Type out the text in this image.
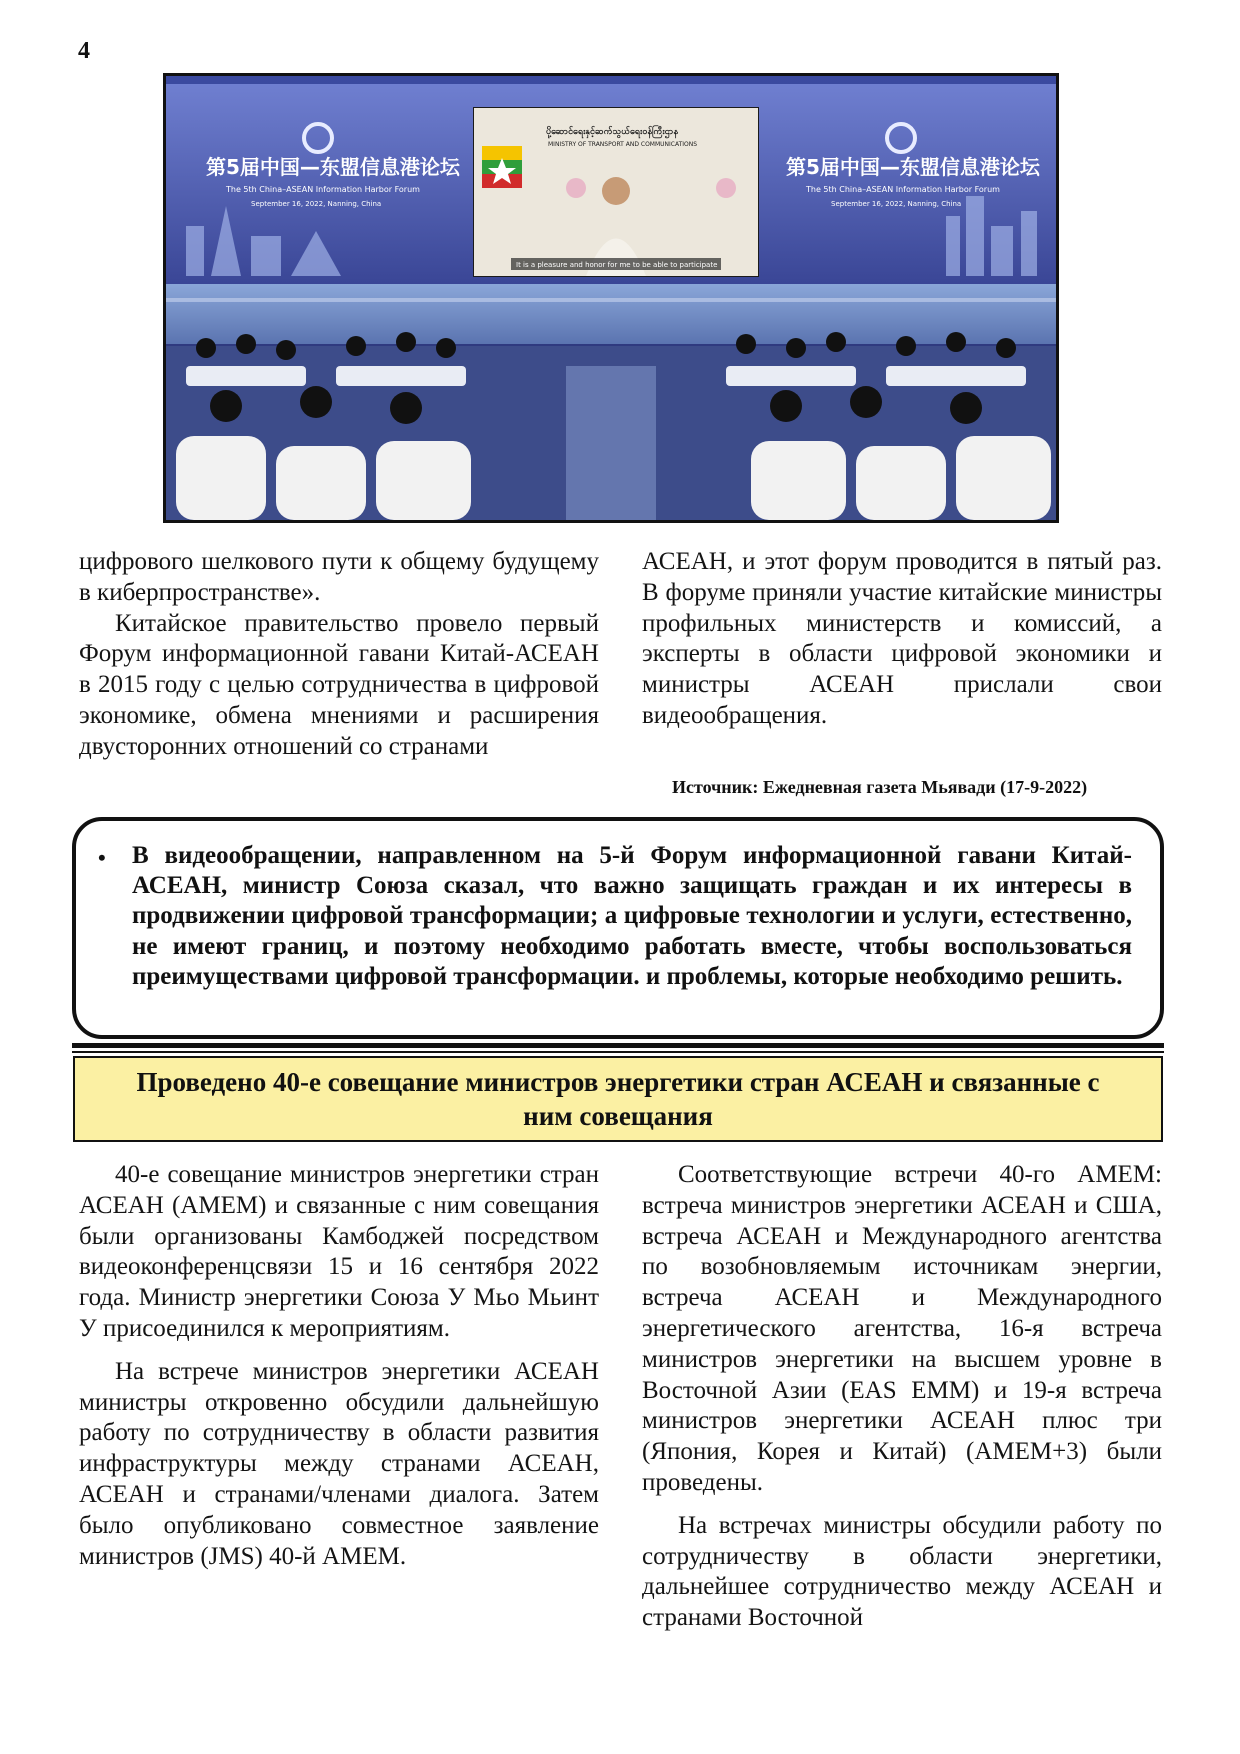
4
第5届中国—东盟信息港论坛
The 5th China–ASEAN Information Harbor Forum
September 16, 2022, Nanning, China
第5届中国—东盟信息港论坛
The 5th China–ASEAN Information Harbor Forum
September 16, 2022, Nanning, China
ပို့ဆောင်ရေးနှင့်ဆက်သွယ်ရေးဝန်ကြီးဌာန
MINISTRY OF TRANSPORT AND COMMUNICATIONS
It is a pleasure and honor for me to be able to participate

цифрового шелкового пути к общему будущему в киберпространстве».

Китайское правительство провело первый Форум информационной гавани Китай-АСЕАН в 2015 году с целью сотрудничества в цифровой экономике, обмена мнениями и расширения двусторонних отношений со странами

АСЕАН, и этот форум проводится в пятый раз. В форуме приняли участие китайские министры профильных министерств и комиссий, а эксперты в области цифровой экономики и министры АСЕАН прислали свои видеообращения.

Источник: Ежедневная газета Мьявади (17-9-2022)
• В видеообращении, направленном на 5-й Форум информационной гавани Китай-АСЕАН, министр Союза сказал, что важно защищать граждан и их интересы в продвижении цифровой трансформации; а цифровые технологии и услуги, естественно, не имеют границ, и поэтому необходимо работать вместе, чтобы воспользоваться преимуществами цифровой трансформации. и проблемы, которые необходимо решить.
Проведено 40-е совещание министров энергетики стран АСЕАН и связанные с ним совещания

40-е совещание министров энергетики стран АСЕАН (AMEM) и связанные с ним совещания были организованы Камбоджей посредством видеоконференцсвязи 15 и 16 сентября 2022 года. Министр энергетики Союза У Мьо Мьинт У присоединился к мероприятиям.

На встрече министров энергетики АСЕАН министры откровенно обсудили дальнейшую работу по сотрудничеству в области развития инфраструктуры между странами АСЕАН, АСЕАН и странами/членами диалога. Затем было опубликовано совместное заявление министров (JMS) 40-й AMEM.

Соответствующие встречи 40-го AMEM: встреча министров энергетики АСЕАН и США, встреча АСЕАН и Международного агентства по возобновляемым источникам энергии, встреча АСЕАН и Международного энергетического агентства, 16-я встреча министров энергетики на высшем уровне в Восточной Азии (EAS EMM) и 19-я встреча министров энергетики АСЕАН плюс три (Япония, Корея и Китай) (AMEM+3) были проведены.

На встречах министры обсудили работу по сотрудничеству в области энергетики, дальнейшее сотрудничество между АСЕАН и странами Восточной
